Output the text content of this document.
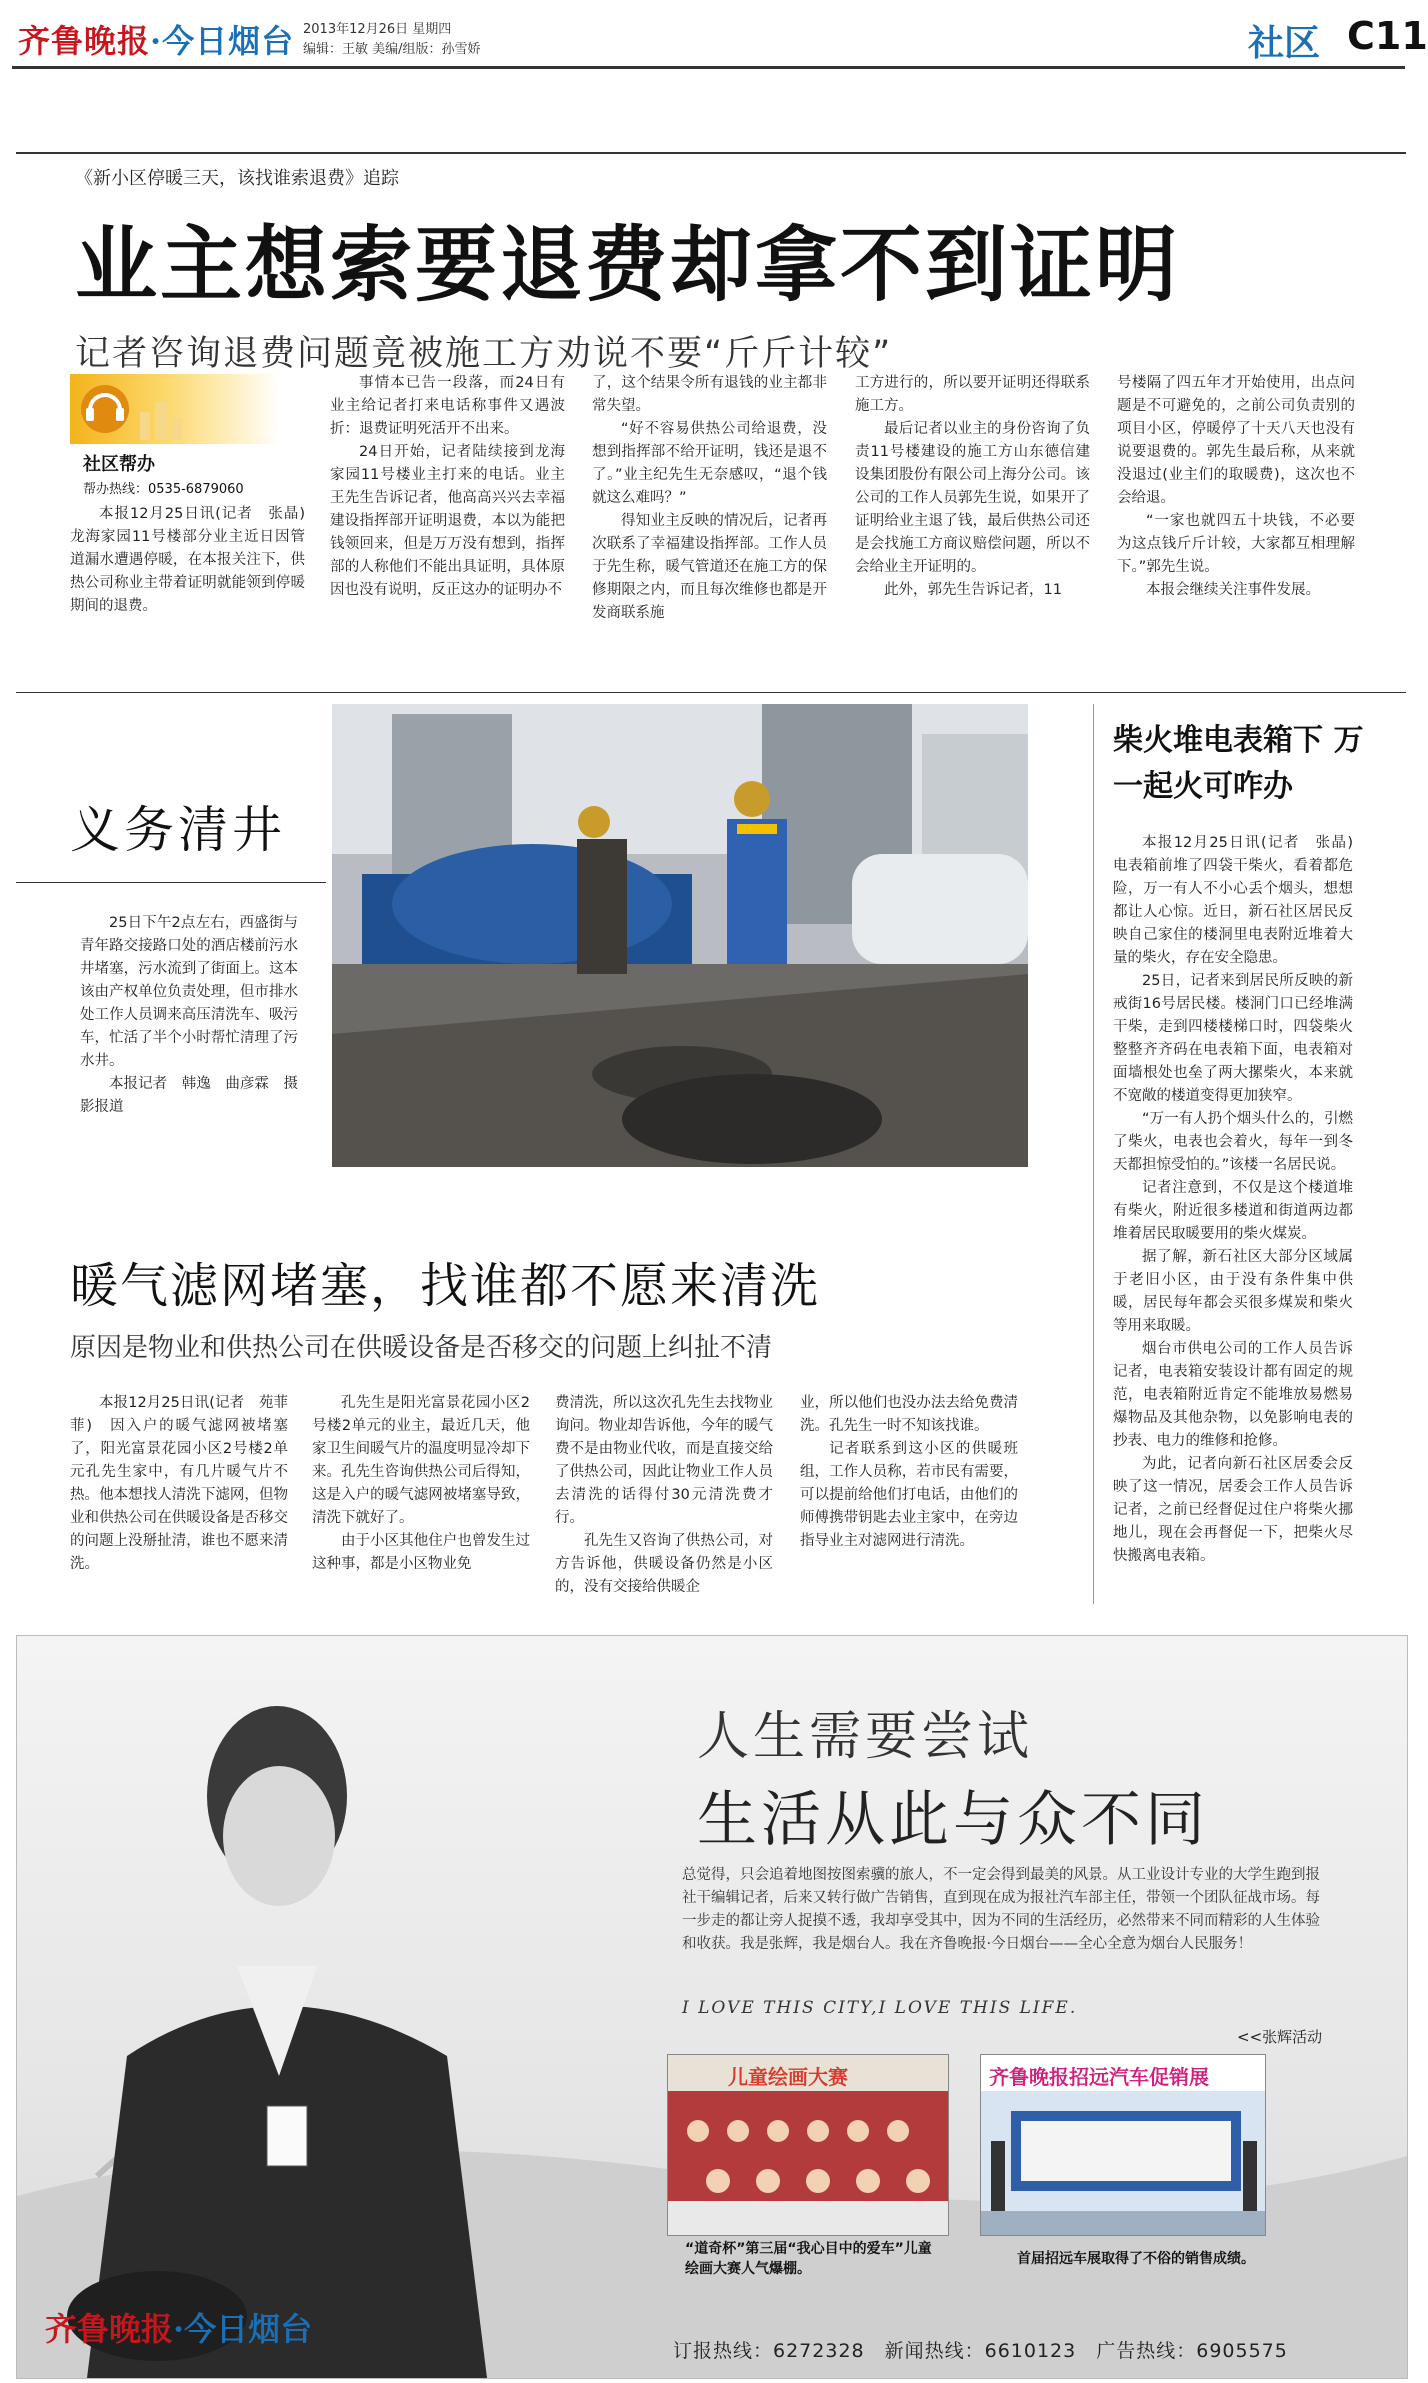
齐鲁晚报·今日烟台 2013年12月26日 星期四
编辑：王敏 美编/组版：孙雪娇	社区 C11
《新小区停暖三天，该找谁索退费》追踪
业主想索要退费却拿不到证明
记者咨询退费问题竟被施工方劝说不要“斤斤计较”
社区帮办
帮办热线：0535-6879060

本报12月25日讯(记者　张晶)　龙海家园11号楼部分业主近日因管道漏水遭遇停暖，在本报关注下，供热公司称业主带着证明就能领到停暖期间的退费。

事情本已告一段落，而24日有业主给记者打来电话称事件又遇波折：退费证明死活开不出来。

24日开始，记者陆续接到龙海家园11号楼业主打来的电话。业主王先生告诉记者，他高高兴兴去幸福建设指挥部开证明退费，本以为能把钱领回来，但是万万没有想到，指挥部的人称他们不能出具证明，具体原因也没有说明，反正这办的证明办不

了，这个结果令所有退钱的业主都非常失望。

“好不容易供热公司给退费，没想到指挥部不给开证明，钱还是退不了。”业主纪先生无奈感叹，“退个钱就这么难吗？”

得知业主反映的情况后，记者再次联系了幸福建设指挥部。工作人员于先生称，暖气管道还在施工方的保修期限之内，而且每次维修也都是开发商联系施

工方进行的，所以要开证明还得联系施工方。

最后记者以业主的身份咨询了负责11号楼建设的施工方山东德信建设集团股份有限公司上海分公司。该公司的工作人员郭先生说，如果开了证明给业主退了钱，最后供热公司还是会找施工方商议赔偿问题，所以不会给业主开证明的。

此外，郭先生告诉记者，11

号楼隔了四五年才开始使用，出点问题是不可避免的，之前公司负责别的项目小区，停暖停了十天八天也没有说要退费的。郭先生最后称，从来就没退过(业主们的取暖费)，这次也不会给退。

“一家也就四五十块钱，不必要为这点钱斤斤计较，大家都互相理解下。”郭先生说。

本报会继续关注事件发展。

义务清井

25日下午2点左右，西盛街与青年路交接路口处的酒店楼前污水井堵塞，污水流到了街面上。这本该由产权单位负责处理，但市排水处工作人员调来高压清洗车、吸污车，忙活了半个小时帮忙清理了污水井。

本报记者　韩逸　曲彦霖　摄影报道

柴火堆电表箱下 万一起火可咋办

本报12月25日讯(记者　张晶)　电表箱前堆了四袋干柴火，看着都危险，万一有人不小心丢个烟头，想想都让人心惊。近日，新石社区居民反映自己家住的楼洞里电表附近堆着大量的柴火，存在安全隐患。

25日，记者来到居民所反映的新戒街16号居民楼。楼洞门口已经堆满干柴，走到四楼楼梯口时，四袋柴火整整齐齐码在电表箱下面，电表箱对面墙根处也垒了两大摞柴火，本来就不宽敞的楼道变得更加狭窄。

“万一有人扔个烟头什么的，引燃了柴火，电表也会着火，每年一到冬天都担惊受怕的。”该楼一名居民说。

记者注意到，不仅是这个楼道堆有柴火，附近很多楼道和街道两边都堆着居民取暖要用的柴火煤炭。

据了解，新石社区大部分区域属于老旧小区，由于没有条件集中供暖，居民每年都会买很多煤炭和柴火等用来取暖。

烟台市供电公司的工作人员告诉记者，电表箱安装设计都有固定的规范，电表箱附近肯定不能堆放易燃易爆物品及其他杂物，以免影响电表的抄表、电力的维修和抢修。

为此，记者向新石社区居委会反映了这一情况，居委会工作人员告诉记者，之前已经督促过住户将柴火挪地儿，现在会再督促一下，把柴火尽快搬离电表箱。

暖气滤网堵塞，找谁都不愿来清洗
原因是物业和供热公司在供暖设备是否移交的问题上纠扯不清

本报12月25日讯(记者　苑菲菲)　因入户的暖气滤网被堵塞了，阳光富景花园小区2号楼2单元孔先生家中，有几片暖气片不热。他本想找人清洗下滤网，但物业和供热公司在供暖设备是否移交的问题上没掰扯清，谁也不愿来清洗。

孔先生是阳光富景花园小区2号楼2单元的业主，最近几天，他家卫生间暖气片的温度明显冷却下来。孔先生咨询供热公司后得知，这是入户的暖气滤网被堵塞导致，清洗下就好了。

由于小区其他住户也曾发生过这种事，都是小区物业免

费清洗，所以这次孔先生去找物业询问。物业却告诉他，今年的暖气费不是由物业代收，而是直接交给了供热公司，因此让物业工作人员去清洗的话得付30元清洗费才行。

孔先生又咨询了供热公司，对方告诉他，供暖设备仍然是小区的，没有交接给供暖企

业，所以他们也没办法去给免费清洗。孔先生一时不知该找谁。

记者联系到这小区的供暖班组，工作人员称，若市民有需要，可以提前给他们打电话，由他们的师傅携带钥匙去业主家中，在旁边指导业主对滤网进行清洗。

人生需要尝试
生活从此与众不同
总觉得，只会追着地图按图索骥的旅人，不一定会得到最美的风景。从工业设计专业的大学生跑到报社干编辑记者，后来又转行做广告销售，直到现在成为报社汽车部主任，带领一个团队征战市场。每一步走的都让旁人捉摸不透，我却享受其中，因为不同的生活经历，必然带来不同而精彩的人生体验和收获。我是张辉，我是烟台人。我在齐鲁晚报·今日烟台——全心全意为烟台人民服务！
I LOVE THIS CITY,I LOVE THIS LIFE.
<<张辉活动
儿童绘画大赛
“道奇杯”第三届“我心目中的爱车”儿童绘画大赛人气爆棚。
齐鲁晚报招远汽车促销展
首届招远车展取得了不俗的销售成绩。
齐鲁晚报·今日烟台
订报热线：6272328　新闻热线：6610123　广告热线：6905575
